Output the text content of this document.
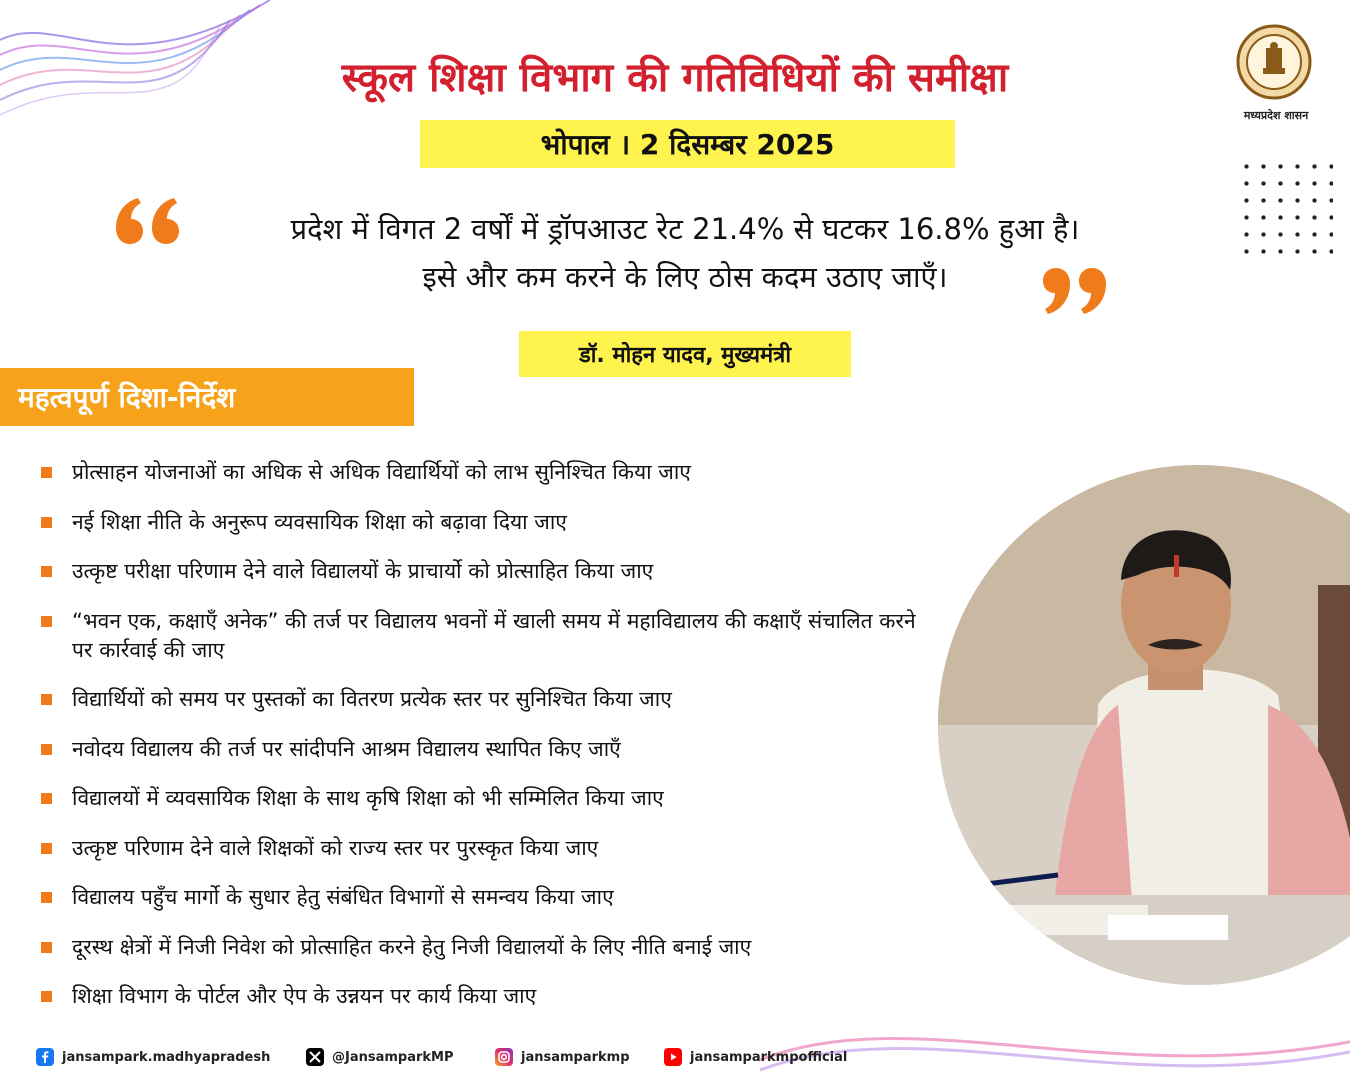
स्कूल शिक्षा विभाग की गतिविधियों की समीक्षा
भोपाल । 2 दिसम्बर 2025
मध्यप्रदेश शासन
प्रदेश में विगत 2 वर्षों में ड्रॉपआउट रेट 21.4% से घटकर 16.8% हुआ है।
इसे और कम करने के लिए ठोस कदम उठाए जाएँ।
डॉ. मोहन यादव, मुख्यमंत्री
महत्वपूर्ण दिशा-निर्देश
प्रोत्साहन योजनाओं का अधिक से अधिक विद्यार्थियों को लाभ सुनिश्चित किया जाए
नई शिक्षा नीति के अनुरूप व्यवसायिक शिक्षा को बढ़ावा दिया जाए
उत्कृष्ट परीक्षा परिणाम देने वाले विद्यालयों के प्राचार्यो को प्रोत्साहित किया जाए
“भवन एक, कक्षाएँ अनेक” की तर्ज पर विद्यालय भवनों में खाली समय में महाविद्यालय की कक्षाएँ संचालित करने पर कार्रवाई की जाए
विद्यार्थियों को समय पर पुस्तकों का वितरण प्रत्येक स्तर पर सुनिश्चित किया जाए
नवोदय विद्यालय की तर्ज पर सांदीपनि आश्रम विद्यालय स्थापित किए जाएँ
विद्यालयों में व्यवसायिक शिक्षा के साथ कृषि शिक्षा को भी सम्मिलित किया जाए
उत्कृष्ट परिणाम देने वाले शिक्षकों को राज्य स्तर पर पुरस्कृत किया जाए
विद्यालय पहुँच मार्गो के सुधार हेतु संबंधित विभागों से समन्वय किया जाए
दूरस्थ क्षेत्रों में निजी निवेश को प्रोत्साहित करने हेतु निजी विद्यालयों के लिए नीति बनाई जाए
शिक्षा विभाग के पोर्टल और ऐप के उन्नयन पर कार्य किया जाए
jansampark.madhyapradesh	@JansamparkMP	jansamparkmp	jansamparkmpofficial
